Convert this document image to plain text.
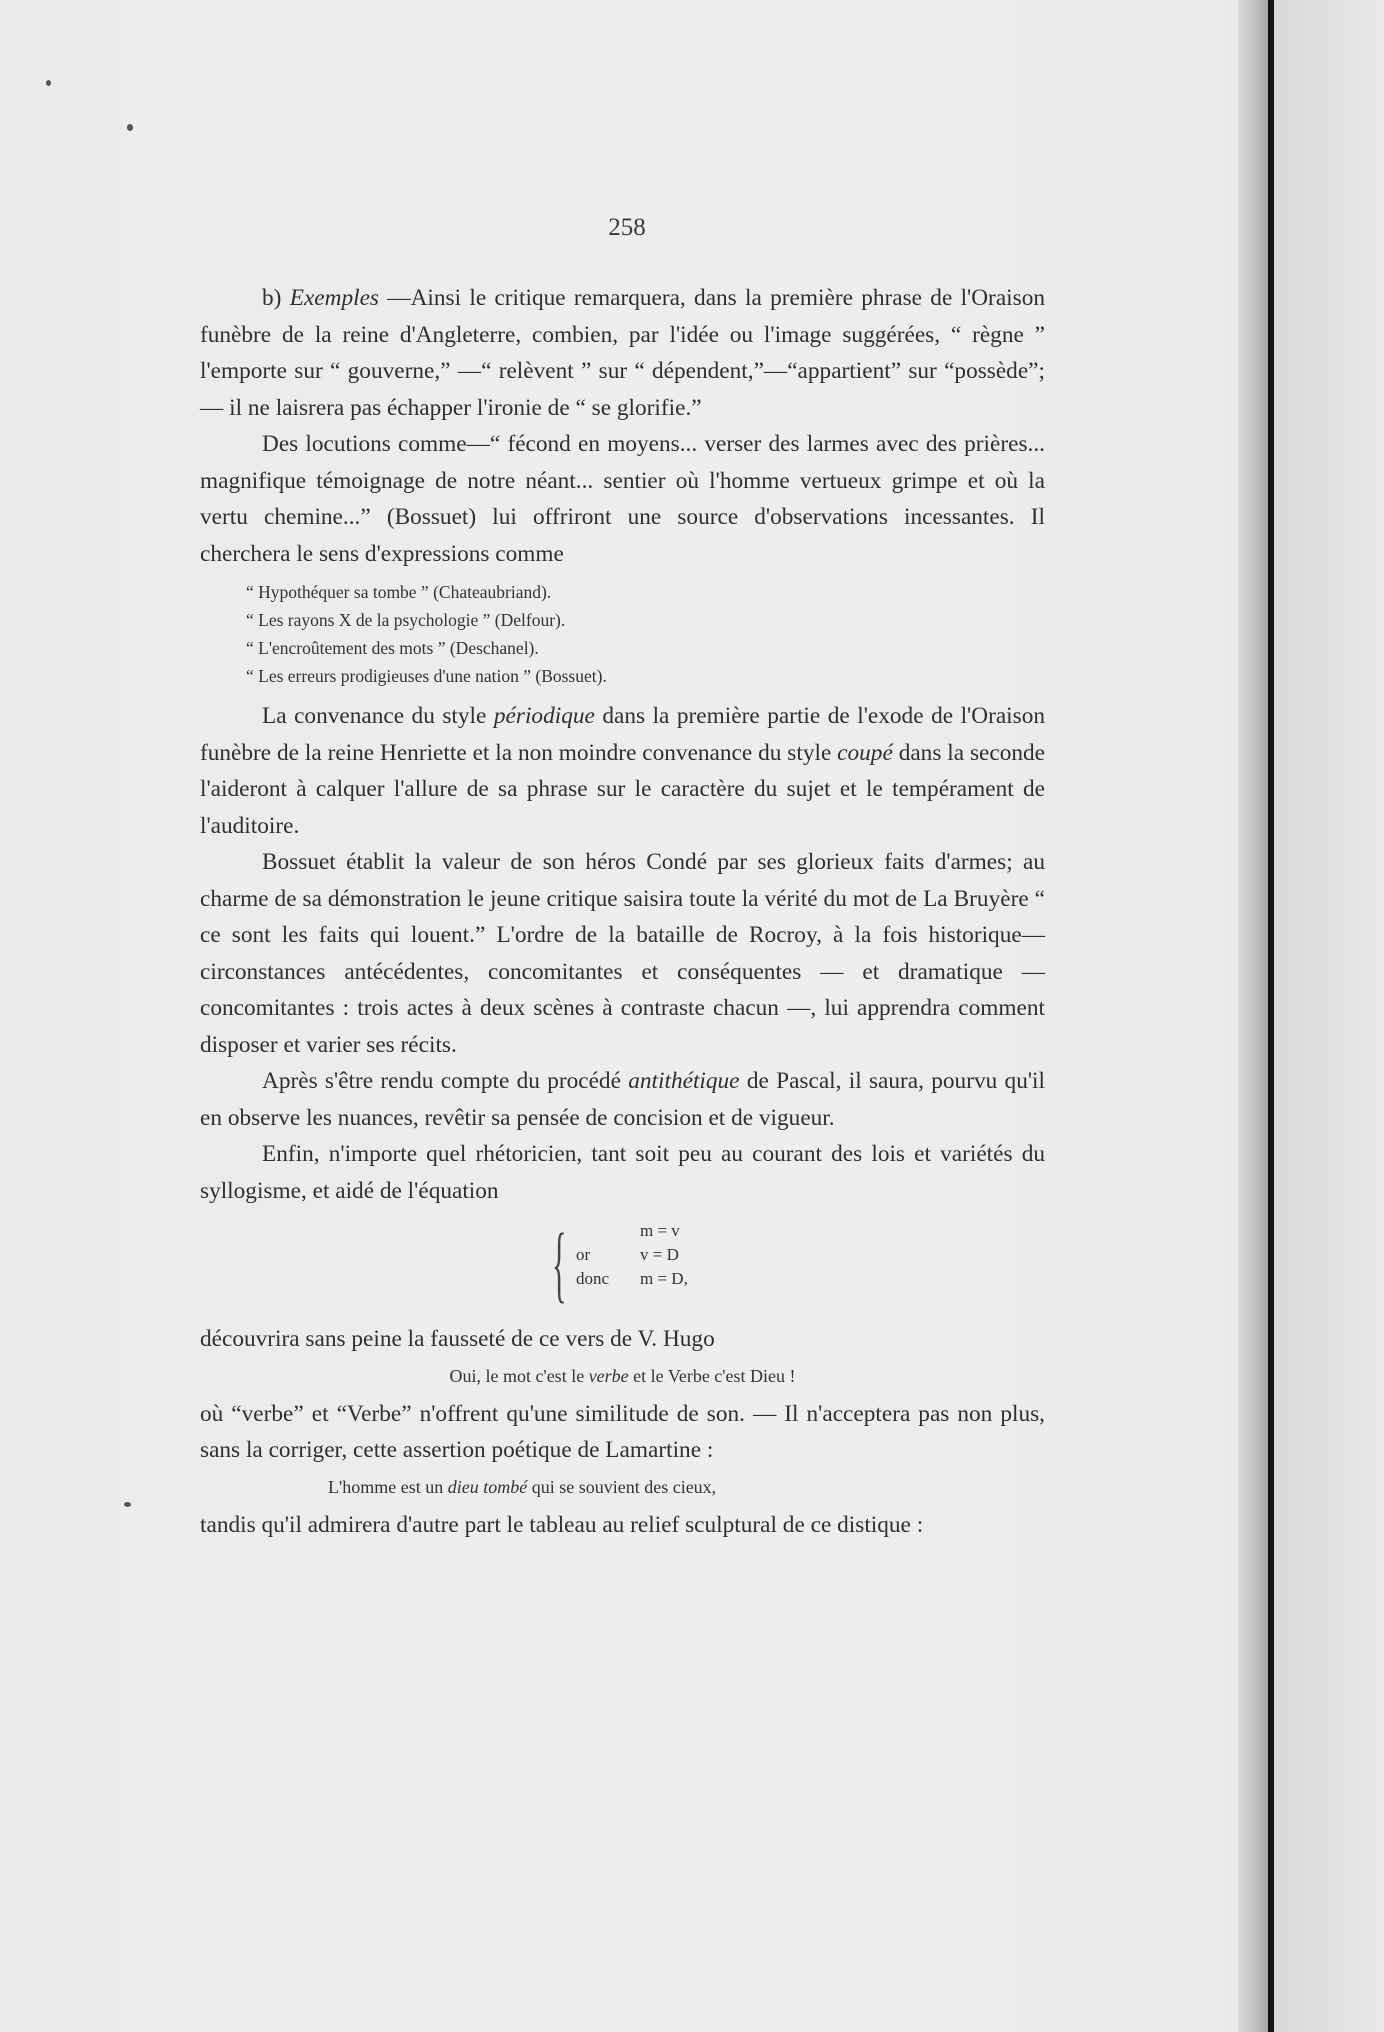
258

b) Exemples —Ainsi le critique remarquera, dans la première phrase de l'Oraison funèbre de la reine d'Angleterre, combien, par l'idée ou l'image suggérées, “ règne ” l'emporte sur “ gouverne,” —“ relèvent ” sur “ dépendent,”—“appartient” sur “possède”;— il ne laisrera pas échapper l'ironie de “ se glorifie.”

Des locutions comme—“ fécond en moyens... verser des larmes avec des prières... magnifique témoignage de notre néant... sentier où l'homme vertueux grimpe et où la vertu chemine...” (Bossuet) lui offriront une source d'observations incessantes. Il cherchera le sens d'expressions comme

“ Hypothéquer sa tombe ” (Chateaubriand).
“ Les rayons X de la psychologie ” (Delfour).
“ L'encroûtement des mots ” (Deschanel).
“ Les erreurs prodigieuses d'une nation ” (Bossuet).

La convenance du style périodique dans la première partie de l'exode de l'Oraison funèbre de la reine Henriette et la non moindre convenance du style coupé dans la seconde l'aideront à calquer l'allure de sa phrase sur le caractère du sujet et le tempérament de l'auditoire.

Bossuet établit la valeur de son héros Condé par ses glorieux faits d'armes; au charme de sa démonstration le jeune critique saisira toute la vérité du mot de La Bruyère “ ce sont les faits qui louent.” L'ordre de la bataille de Rocroy, à la fois historique—circonstances antécédentes, concomitantes et conséquentes — et dramatique — concomitantes : trois actes à deux scènes à contraste chacun —, lui apprendra comment disposer et varier ses récits.

Après s'être rendu compte du procédé antithétique de Pascal, il saura, pourvu qu'il en observe les nuances, revêtir sa pensée de concision et de vigueur.

Enfin, n'importe quel rhétoricien, tant soit peu au courant des lois et variétés du syllogisme, et aidé de l'équation

{ or
donc
m = v
v = D
m = D,

découvrira sans peine la fausseté de ce vers de V. Hugo

Oui, le mot c'est le verbe et le Verbe c'est Dieu !

où “verbe” et “Verbe” n'offrent qu'une similitude de son. — Il n'acceptera pas non plus, sans la corriger, cette assertion poétique de Lamartine :

L'homme est un dieu tombé qui se souvient des cieux,

tandis qu'il admirera d'autre part le tableau au relief sculptural de ce distique :
